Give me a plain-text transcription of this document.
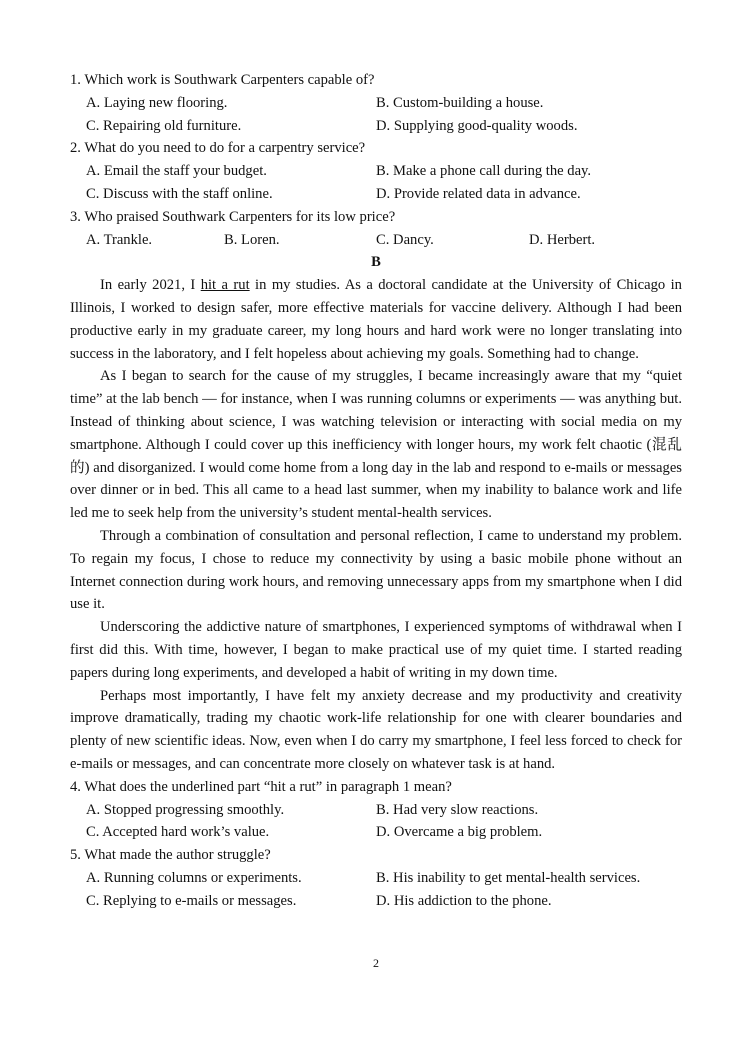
1. Which work is Southwark Carpenters capable of?
A. Laying new flooring.	B. Custom-building a house.
C. Repairing old furniture.	D. Supplying good-quality woods.
2. What do you need to do for a carpentry service?
A. Email the staff your budget.	B. Make a phone call during the day.
C. Discuss with the staff online.	D. Provide related data in advance.
3. Who praised Southwark Carpenters for its low price?
A. Trankle.	B. Loren.	C. Dancy.	D. Herbert.
B

In early 2021, I hit a rut in my studies. As a doctoral candidate at the University of Chicago in Illinois, I worked to design safer, more effective materials for vaccine delivery. Although I had been productive early in my graduate career, my long hours and hard work were no longer translating into success in the laboratory, and I felt hopeless about achieving my goals. Something had to change.

As I began to search for the cause of my struggles, I became increasingly aware that my “quiet time” at the lab bench — for instance, when I was running columns or experiments — was anything but. Instead of thinking about science, I was watching television or interacting with social media on my smartphone. Although I could cover up this inefficiency with longer hours, my work felt chaotic (混乱的) and disorganized. I would come home from a long day in the lab and respond to e-mails or messages over dinner or in bed. This all came to a head last summer, when my inability to balance work and life led me to seek help from the university’s student mental-health services.

Through a combination of consultation and personal reflection, I came to understand my problem. To regain my focus, I chose to reduce my connectivity by using a basic mobile phone without an Internet connection during work hours, and removing unnecessary apps from my smartphone when I did use it.

Underscoring the addictive nature of smartphones, I experienced symptoms of withdrawal when I first did this. With time, however, I began to make practical use of my quiet time. I started reading papers during long experiments, and developed a habit of writing in my down time.

Perhaps most importantly, I have felt my anxiety decrease and my productivity and creativity improve dramatically, trading my chaotic work-life relationship for one with clearer boundaries and plenty of new scientific ideas. Now, even when I do carry my smartphone, I feel less forced to check for e-mails or messages, and can concentrate more closely on whatever task is at hand.

4. What does the underlined part “hit a rut” in paragraph 1 mean?
A. Stopped progressing smoothly.	B. Had very slow reactions.
C. Accepted hard work’s value.	D. Overcame a big problem.
5. What made the author struggle?
A. Running columns or experiments.	B. His inability to get mental-health services.
C. Replying to e-mails or messages.	D. His addiction to the phone.
2
